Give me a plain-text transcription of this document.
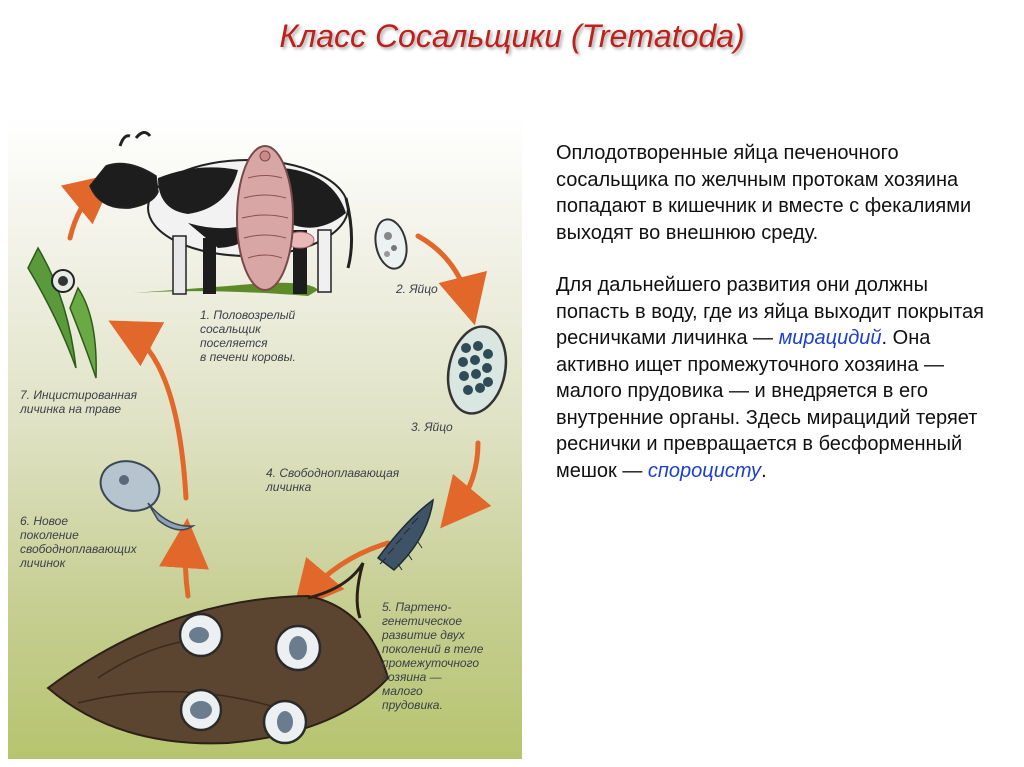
Класс Сосальщики (Trematoda)
1. Половозрелый
сосальщик
поселяется
в печени коровы.
2. Яйцо
3. Яйцо
4. Свободноплавающая
личинка
5. Партено-
генетическое
развитие двух
поколений в теле
промежуточного
хозяина —
малого
прудовика.
6. Новое
поколение
свободноплавающих
личинок
7. Инцистированная
личинка на траве

Оплодотворенные яйца печеночного сосальщика по желчным протокам хозяина попадают в кишечник и вместе с фекалиями выходят во внешнюю среду.

Для дальнейшего развития они должны попасть в воду, где из яйца выходит покрытая ресничками личинка — мирацидий. Она активно ищет промежуточного хозяина — малого прудовика — и внедряется в его внутренние органы. Здесь мирацидий теряет реснички и превращается в бесформенный мешок — спороцисту.
